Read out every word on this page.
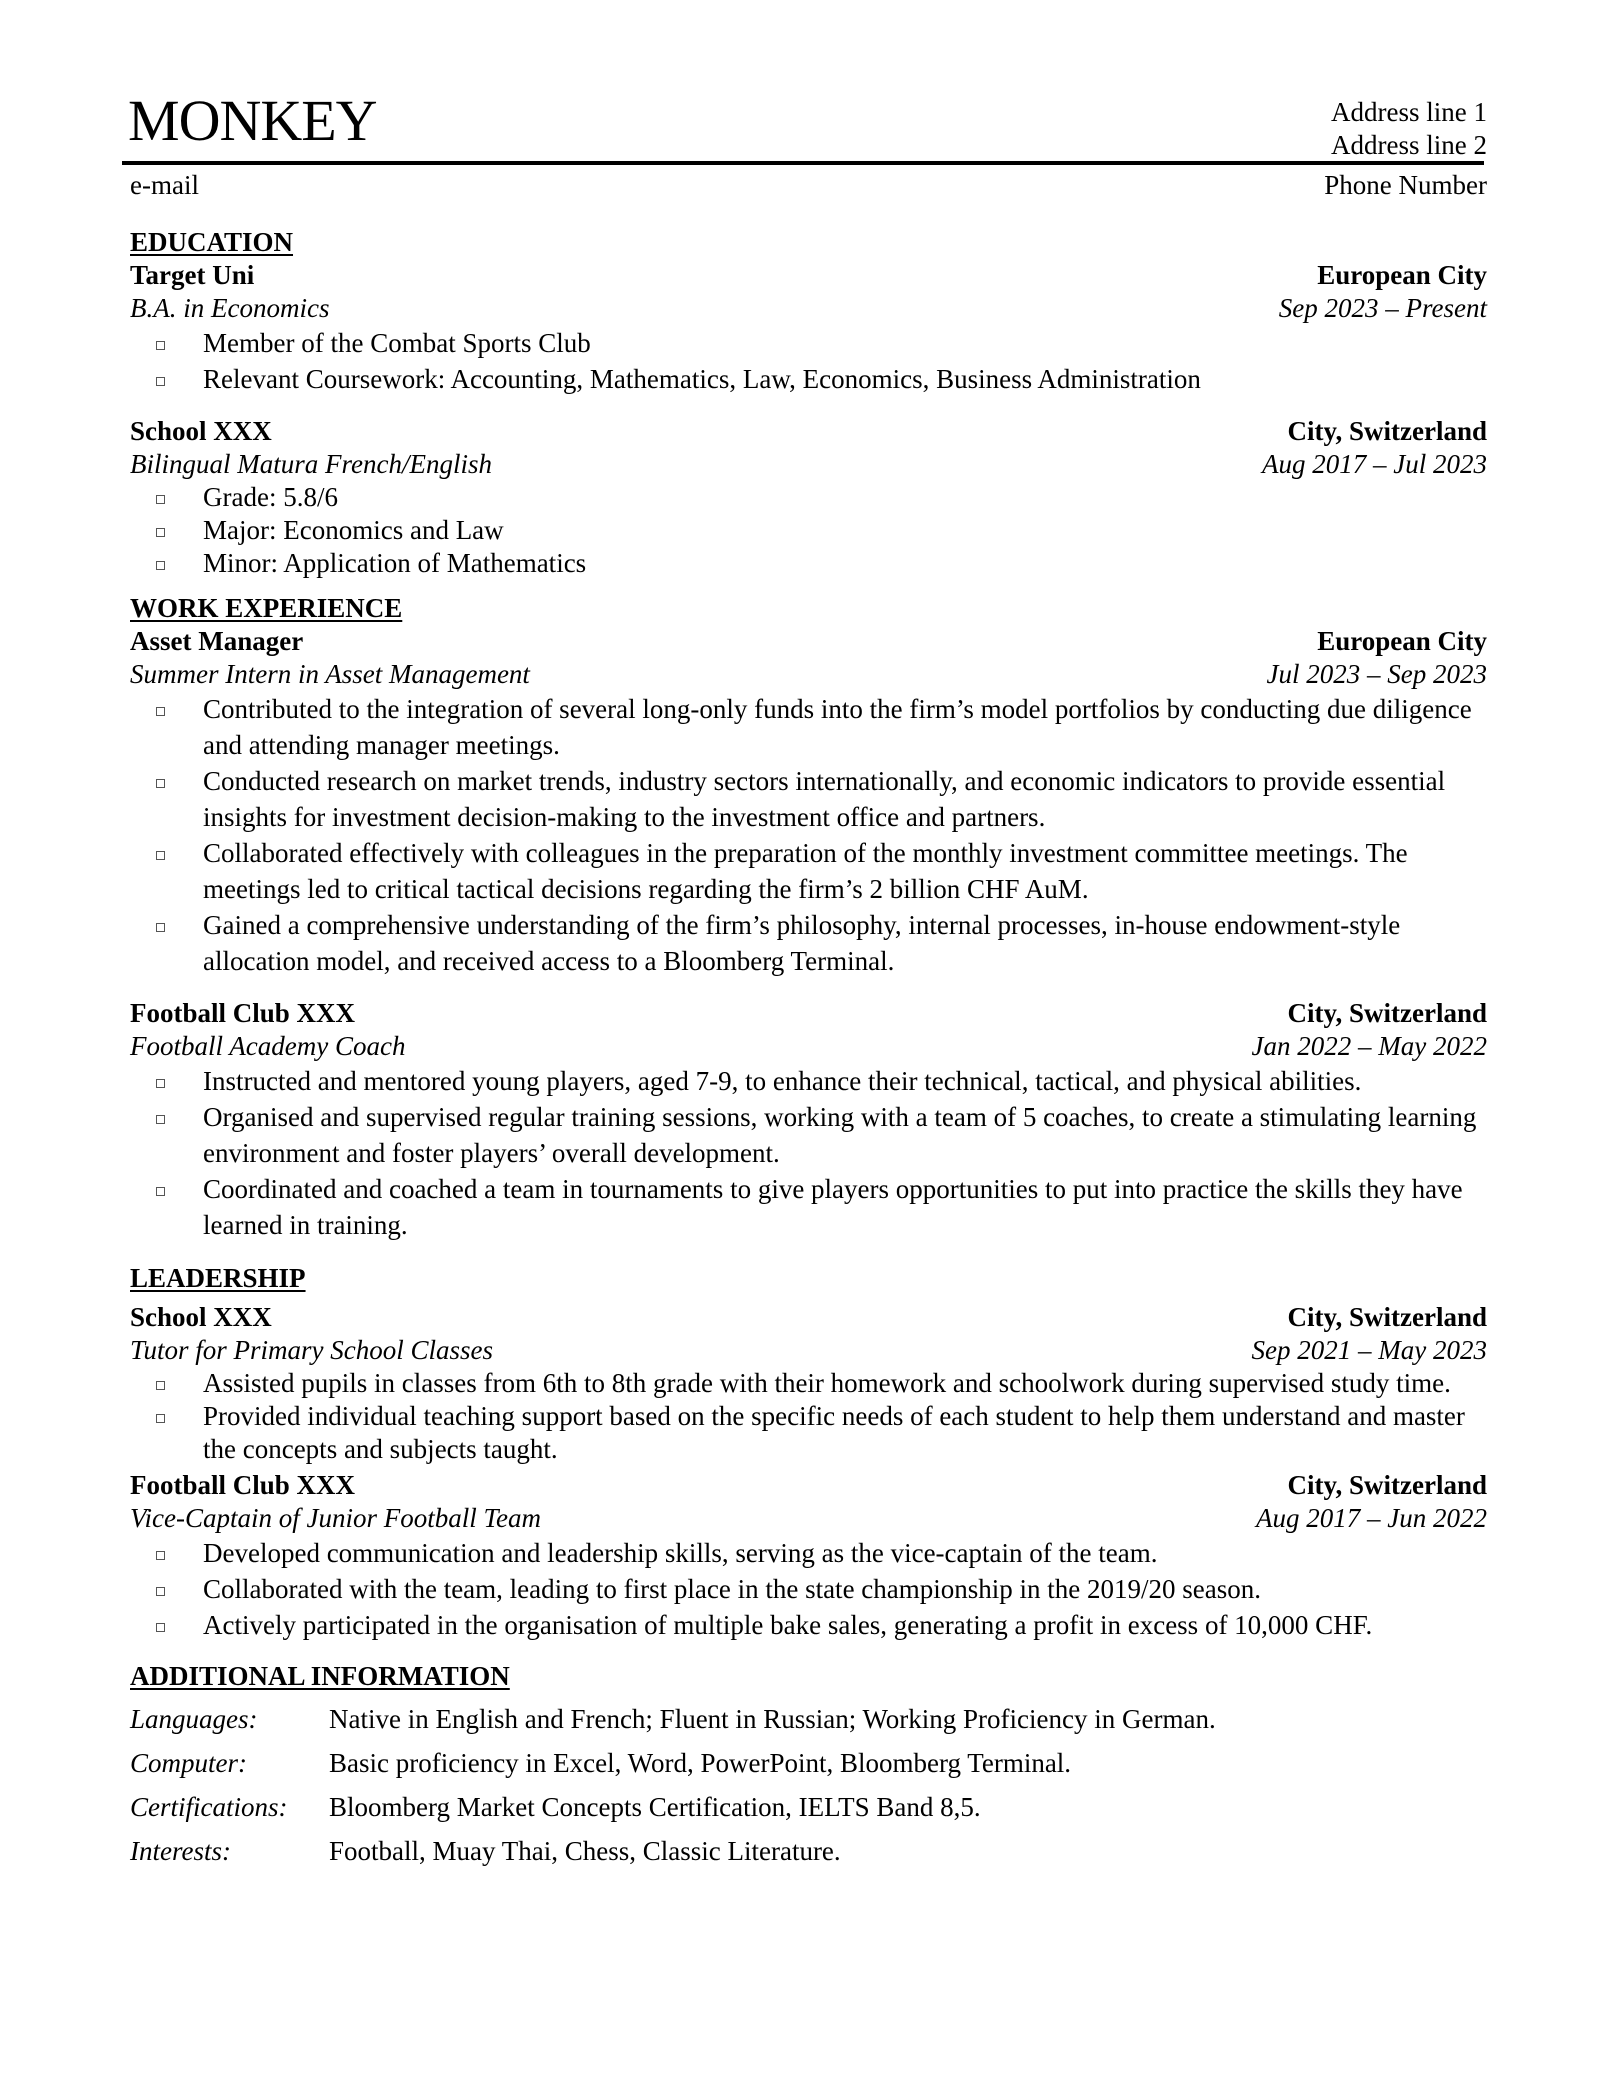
MONKEY	Address line 1
Address line 2
e-mail	Phone Number
EDUCATION
Target Uni	European City
B.A. in Economics	Sep 2023 – Present
Member of the Combat Sports Club
Relevant Coursework: Accounting, Mathematics, Law, Economics, Business Administration
School XXX	City, Switzerland
Bilingual Matura French/English	Aug 2017 – Jul 2023
Grade: 5.8/6
Major: Economics and Law
Minor: Application of Mathematics
WORK EXPERIENCE
Asset Manager	European City
Summer Intern in Asset Management	Jul 2023 – Sep 2023
Contributed to the integration of several long-only funds into the firm’s model portfolios by conducting due diligence and attending manager meetings.
Conducted research on market trends, industry sectors internationally, and economic indicators to provide essential insights for investment decision-making to the investment office and partners.
Collaborated effectively with colleagues in the preparation of the monthly investment committee meetings. The meetings led to critical tactical decisions regarding the firm’s 2 billion CHF AuM.
Gained a comprehensive understanding of the firm’s philosophy, internal processes, in-house endowment-style allocation model, and received access to a Bloomberg Terminal.
Football Club XXX	City, Switzerland
Football Academy Coach	Jan 2022 – May 2022
Instructed and mentored young players, aged 7-9, to enhance their technical, tactical, and physical abilities.
Organised and supervised regular training sessions, working with a team of 5 coaches, to create a stimulating learning environment and foster players’ overall development.
Coordinated and coached a team in tournaments to give players opportunities to put into practice the skills they have learned in training.
LEADERSHIP
School XXX	City, Switzerland
Tutor for Primary School Classes	Sep 2021 – May 2023
Assisted pupils in classes from 6th to 8th grade with their homework and schoolwork during supervised study time.
Provided individual teaching support based on the specific needs of each student to help them understand and master the concepts and subjects taught.
Football Club XXX	City, Switzerland
Vice-Captain of Junior Football Team	Aug 2017 – Jun 2022
Developed communication and leadership skills, serving as the vice-captain of the team.
Collaborated with the team, leading to first place in the state championship in the 2019/20 season.
Actively participated in the organisation of multiple bake sales, generating a profit in excess of 10,000 CHF.
ADDITIONAL INFORMATION
Languages:	Native in English and French; Fluent in Russian; Working Proficiency in German.
Computer:	Basic proficiency in Excel, Word, PowerPoint, Bloomberg Terminal.
Certifications:	Bloomberg Market Concepts Certification, IELTS Band 8,5.
Interests:	Football, Muay Thai, Chess, Classic Literature.
